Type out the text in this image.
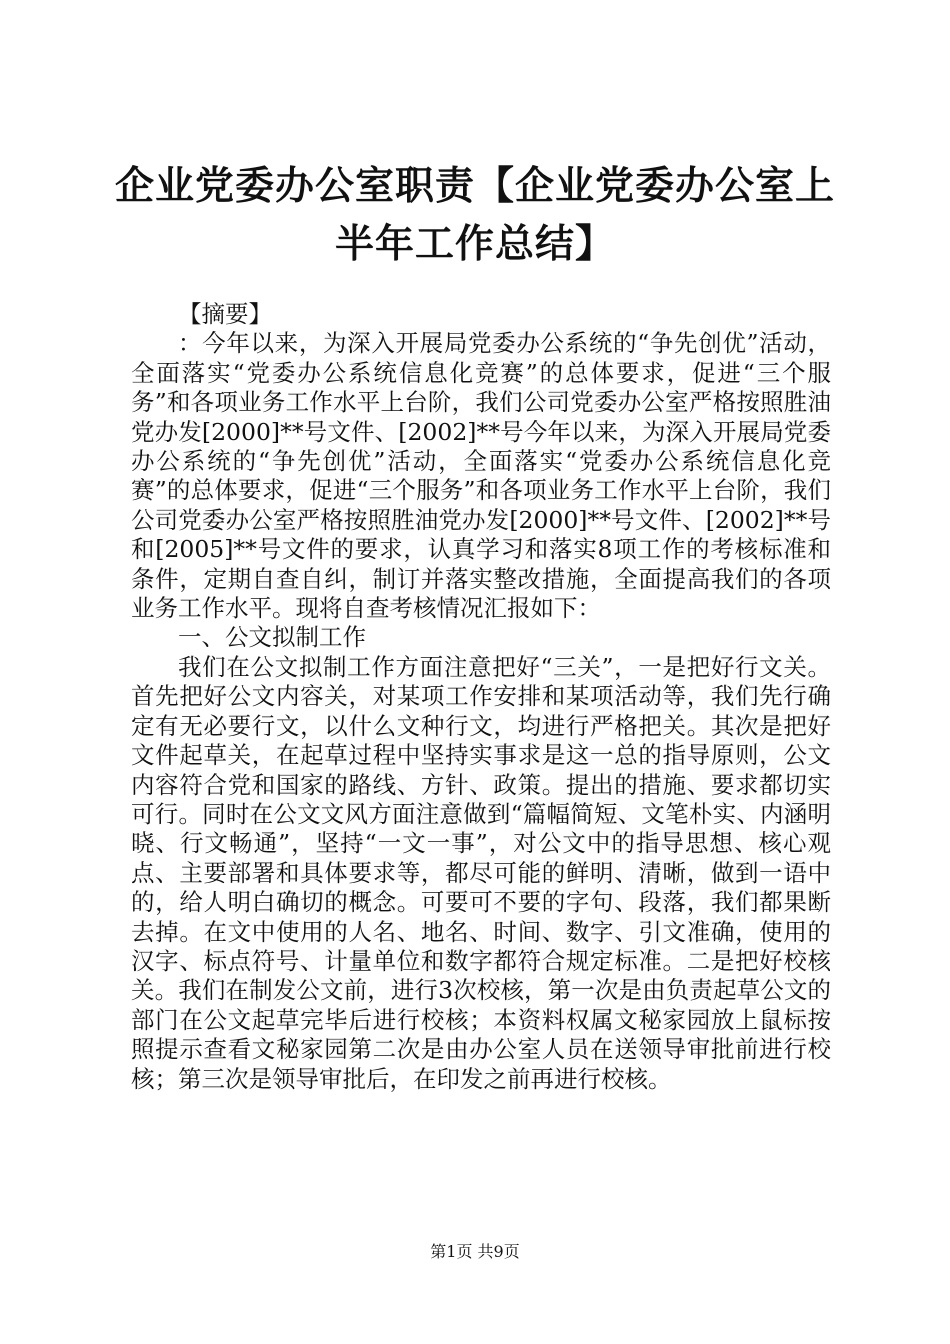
企业党委办公室职责【企业党委办公室上半年工作总结】

【摘要】

：今年以来，为深入开展局党委办公系统的“争先创优”活动，全面落实“党委办公系统信息化竞赛”的总体要求，促进“三个服务”和各项业务工作水平上台阶，我们公司党委办公室严格按照胜油党办发[2000]**号文件、[2002]**号今年以来，为深入开展局党委办公系统的“争先创优”活动，全面落实“党委办公系统信息化竞赛”的总体要求，促进“三个服务”和各项业务工作水平上台阶，我们公司党委办公室严格按照胜油党办发[2000]**号文件、[2002]**号和[2005]**号文件的要求，认真学习和落实8项工作的考核标准和条件，定期自查自纠，制订并落实整改措施，全面提高我们的各项业务工作水平。现将自查考核情况汇报如下：

一、公文拟制工作

我们在公文拟制工作方面注意把好“三关”，一是把好行文关。首先把好公文内容关，对某项工作安排和某项活动等，我们先行确定有无必要行文，以什么文种行文，均进行严格把关。其次是把好文件起草关，在起草过程中坚持实事求是这一总的指导原则，公文内容符合党和国家的路线、方针、政策。提出的措施、要求都切实可行。同时在公文文风方面注意做到“篇幅简短、文笔朴实、内涵明晓、行文畅通”，坚持“一文一事”，对公文中的指导思想、核心观点、主要部署和具体要求等，都尽可能的鲜明、清晰，做到一语中的，给人明白确切的概念。可要可不要的字句、段落，我们都果断去掉。在文中使用的人名、地名、时间、数字、引文准确，使用的汉字、标点符号、计量单位和数字都符合规定标准。二是把好校核关。我们在制发公文前，进行3次校核，第一次是由负责起草公文的部门在公文起草完毕后进行校核；本资料权属文秘家园放上鼠标按照提示查看文秘家园第二次是由办公室人员在送领导审批前进行校核；第三次是领导审批后，在印发之前再进行校核。

第1页 共9页
